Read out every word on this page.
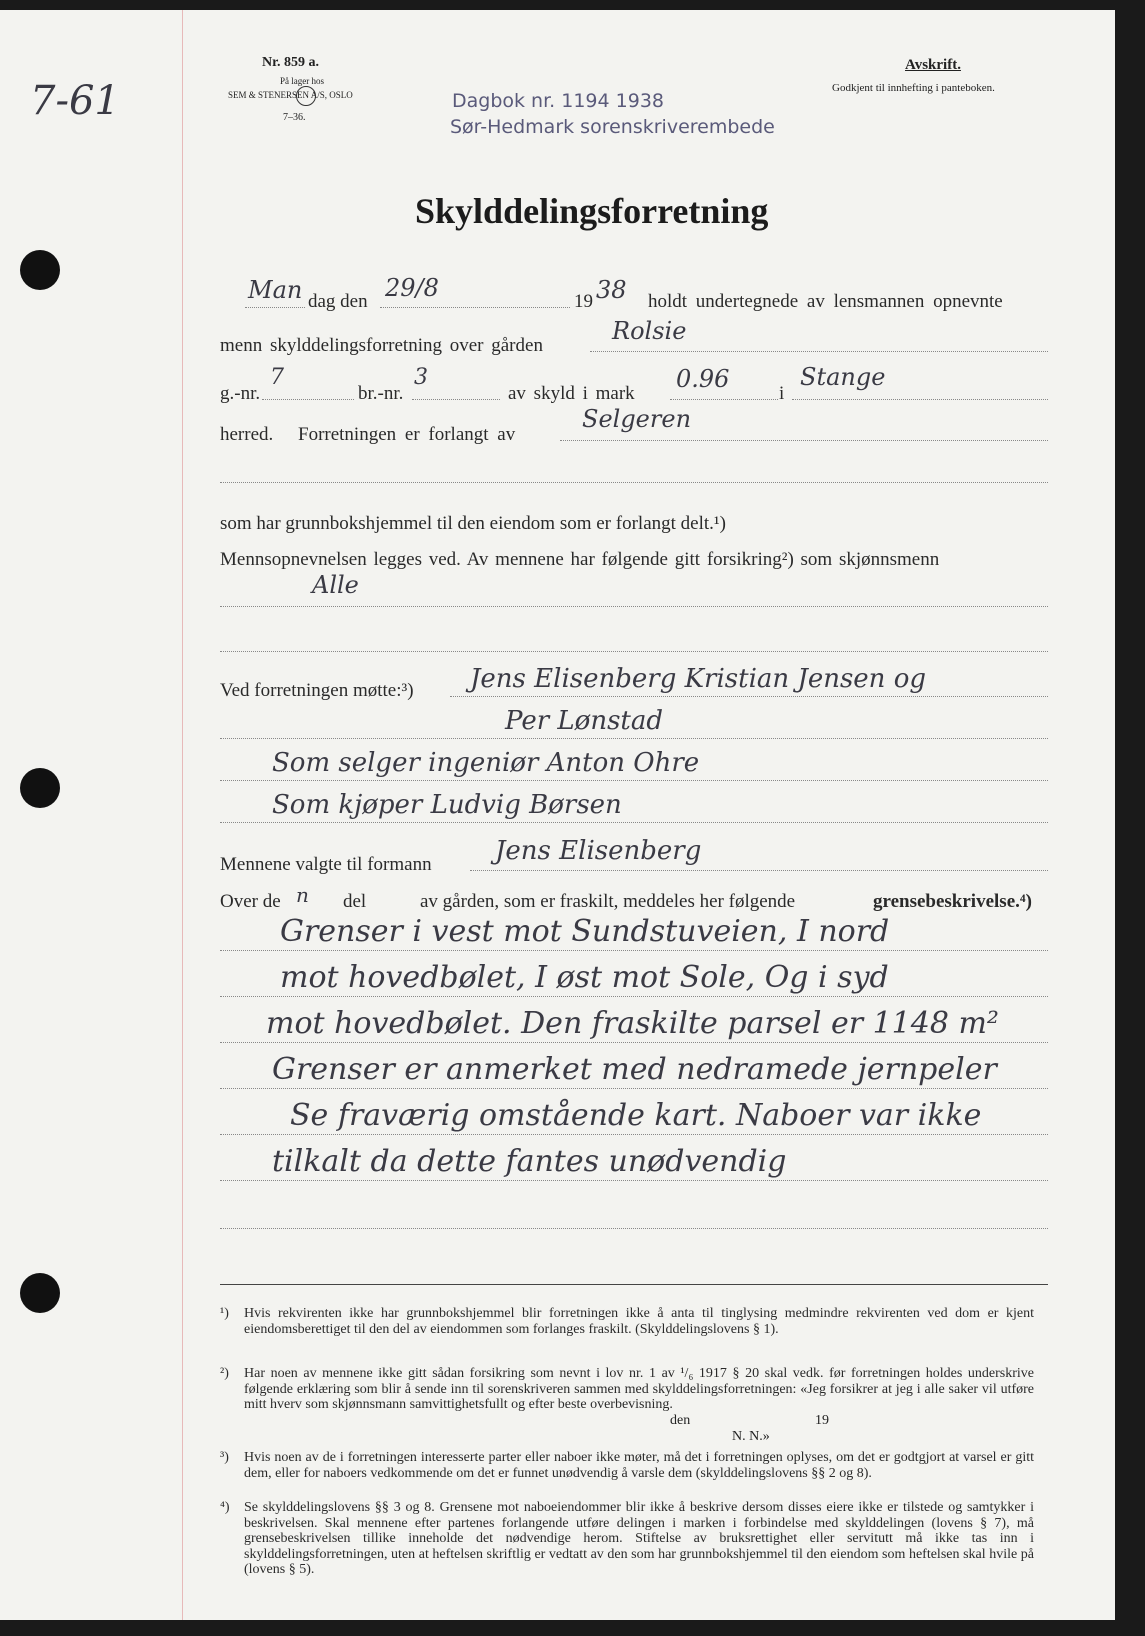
7-61
Nr. 859 a.
På lager hos
SEM & STENERSEN A/S, OSLO
7–36.
Dagbok nr. 1194 1938
Sør-Hedmark sorenskriverembede
Avskrift.
Godkjent til innhefting i panteboken.
Skylddelingsforretning
Man dag den 29/8	19 38 holdt undertegnede av lensmannen opnevnte
menn skylddelingsforretning over gården
Rolsie
g.-nr.
7
br.-nr.
3
av skyld i mark
0.96
i
Stange
herred. Forretningen er forlangt av
Selgeren
som har grunnbokshjemmel til den eiendom som er forlangt delt.¹)
Mennsopnevnelsen legges ved. Av mennene har følgende gitt forsikring²) som skjønnsmenn
Alle
Ved forretningen møtte:³) Jens Elisenberg Kristian Jensen og
Per Lønstad
Som selger ingeniør Anton Ohre
Som kjøper Ludvig Børsen
Mennene valgte til formann Jens Elisenberg
Over de n del	av gården, som er fraskilt, meddeles her følgende	grensebeskrivelse.⁴)
Grenser i vest mot Sundstuveien, I nord
mot hovedbølet, I øst mot Sole, Og i syd
mot hovedbølet. Den fraskilte parsel er 1148 m²
Grenser er anmerket med nedramede jernpeler
Se fraværig omstående kart. Naboer var ikke
tilkalt da dette fantes unødvendig
¹) Hvis rekvirenten ikke har grunnbokshjemmel blir forretningen ikke å anta til tinglysing medmindre rekvirenten ved dom er kjent eiendomsberettiget til den del av eiendommen som forlanges fraskilt. (Skylddelingslovens § 1).
²) Har noen av mennene ikke gitt sådan forsikring som nevnt i lov nr. 1 av ¹/₆ 1917 § 20 skal vedk. før forretningen holdes underskrive følgende erklæring som blir å sende inn til sorenskriveren sammen med skylddelingsforretningen: «Jeg forsikrer at jeg i alle saker vil utføre mitt hverv som skjønnsmann samvittighetsfullt og efter beste overbevisning.
den	19
N. N.»
³) Hvis noen av de i forretningen interesserte parter eller naboer ikke møter, må det i forretningen oplyses, om det er godtgjort at varsel er gitt dem, eller for naboers vedkommende om det er funnet unødvendig å varsle dem (skylddelingslovens §§ 2 og 8).
⁴) Se skylddelingslovens §§ 3 og 8. Grensene mot naboeiendommer blir ikke å beskrive dersom disses eiere ikke er tilstede og samtykker i beskrivelsen. Skal mennene efter partenes forlangende utføre delingen i marken i forbindelse med skylddelingen (lovens § 7), må grensebeskrivelsen tillike inneholde det nødvendige herom. Stiftelse av bruksrettighet eller servitutt må ikke tas inn i skylddelingsforretningen, uten at heftelsen skriftlig er vedtatt av den som har grunnbokshjemmel til den eiendom som heftelsen skal hvile på (lovens § 5).
